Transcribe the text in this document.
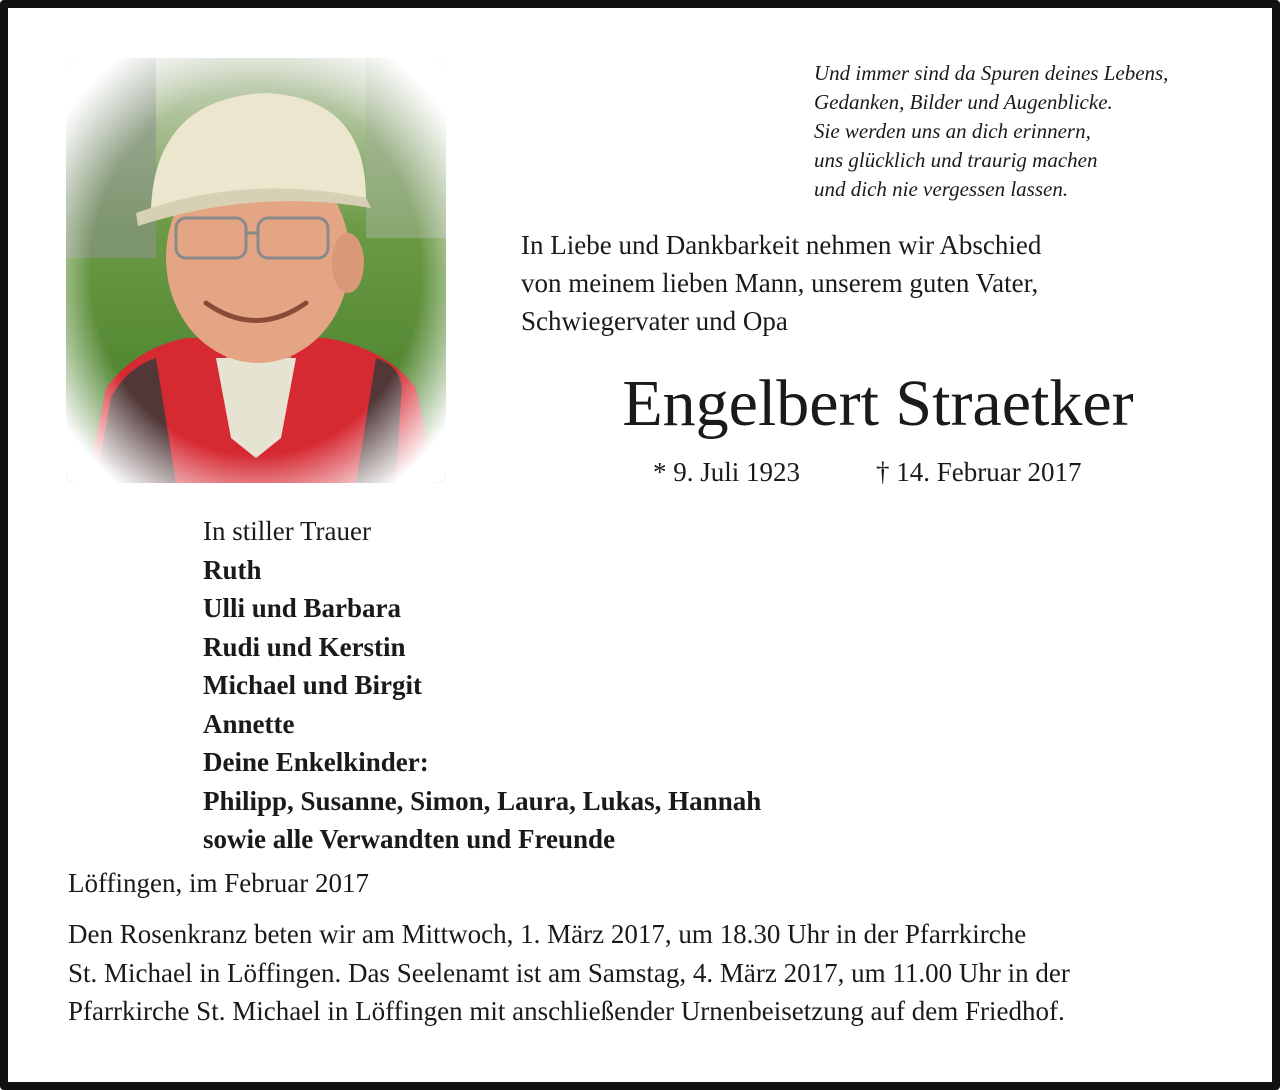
Und immer sind da Spuren deines Lebens,
Gedanken, Bilder und Augenblicke.
Sie werden uns an dich erinnern,
uns glücklich und traurig machen
und dich nie vergessen lassen.
In Liebe und Dankbarkeit nehmen wir Abschied
von meinem lieben Mann, unserem guten Vater,
Schwiegervater und Opa
Engelbert Straetker
* 9. Juli 1923	† 14. Februar 2017
In stiller Trauer
Ruth
Ulli und Barbara
Rudi und Kerstin
Michael und Birgit
Annette
Deine Enkelkinder:
Philipp, Susanne, Simon, Laura, Lukas, Hannah
sowie alle Verwandten und Freunde
Löffingen, im Februar 2017
Den Rosenkranz beten wir am Mittwoch, 1. März 2017, um 18.30 Uhr in der Pfarrkirche
St. Michael in Löffingen. Das Seelenamt ist am Samstag, 4. März 2017, um 11.00 Uhr in der
Pfarrkirche St. Michael in Löffingen mit anschließender Urnenbeisetzung auf dem Friedhof.
